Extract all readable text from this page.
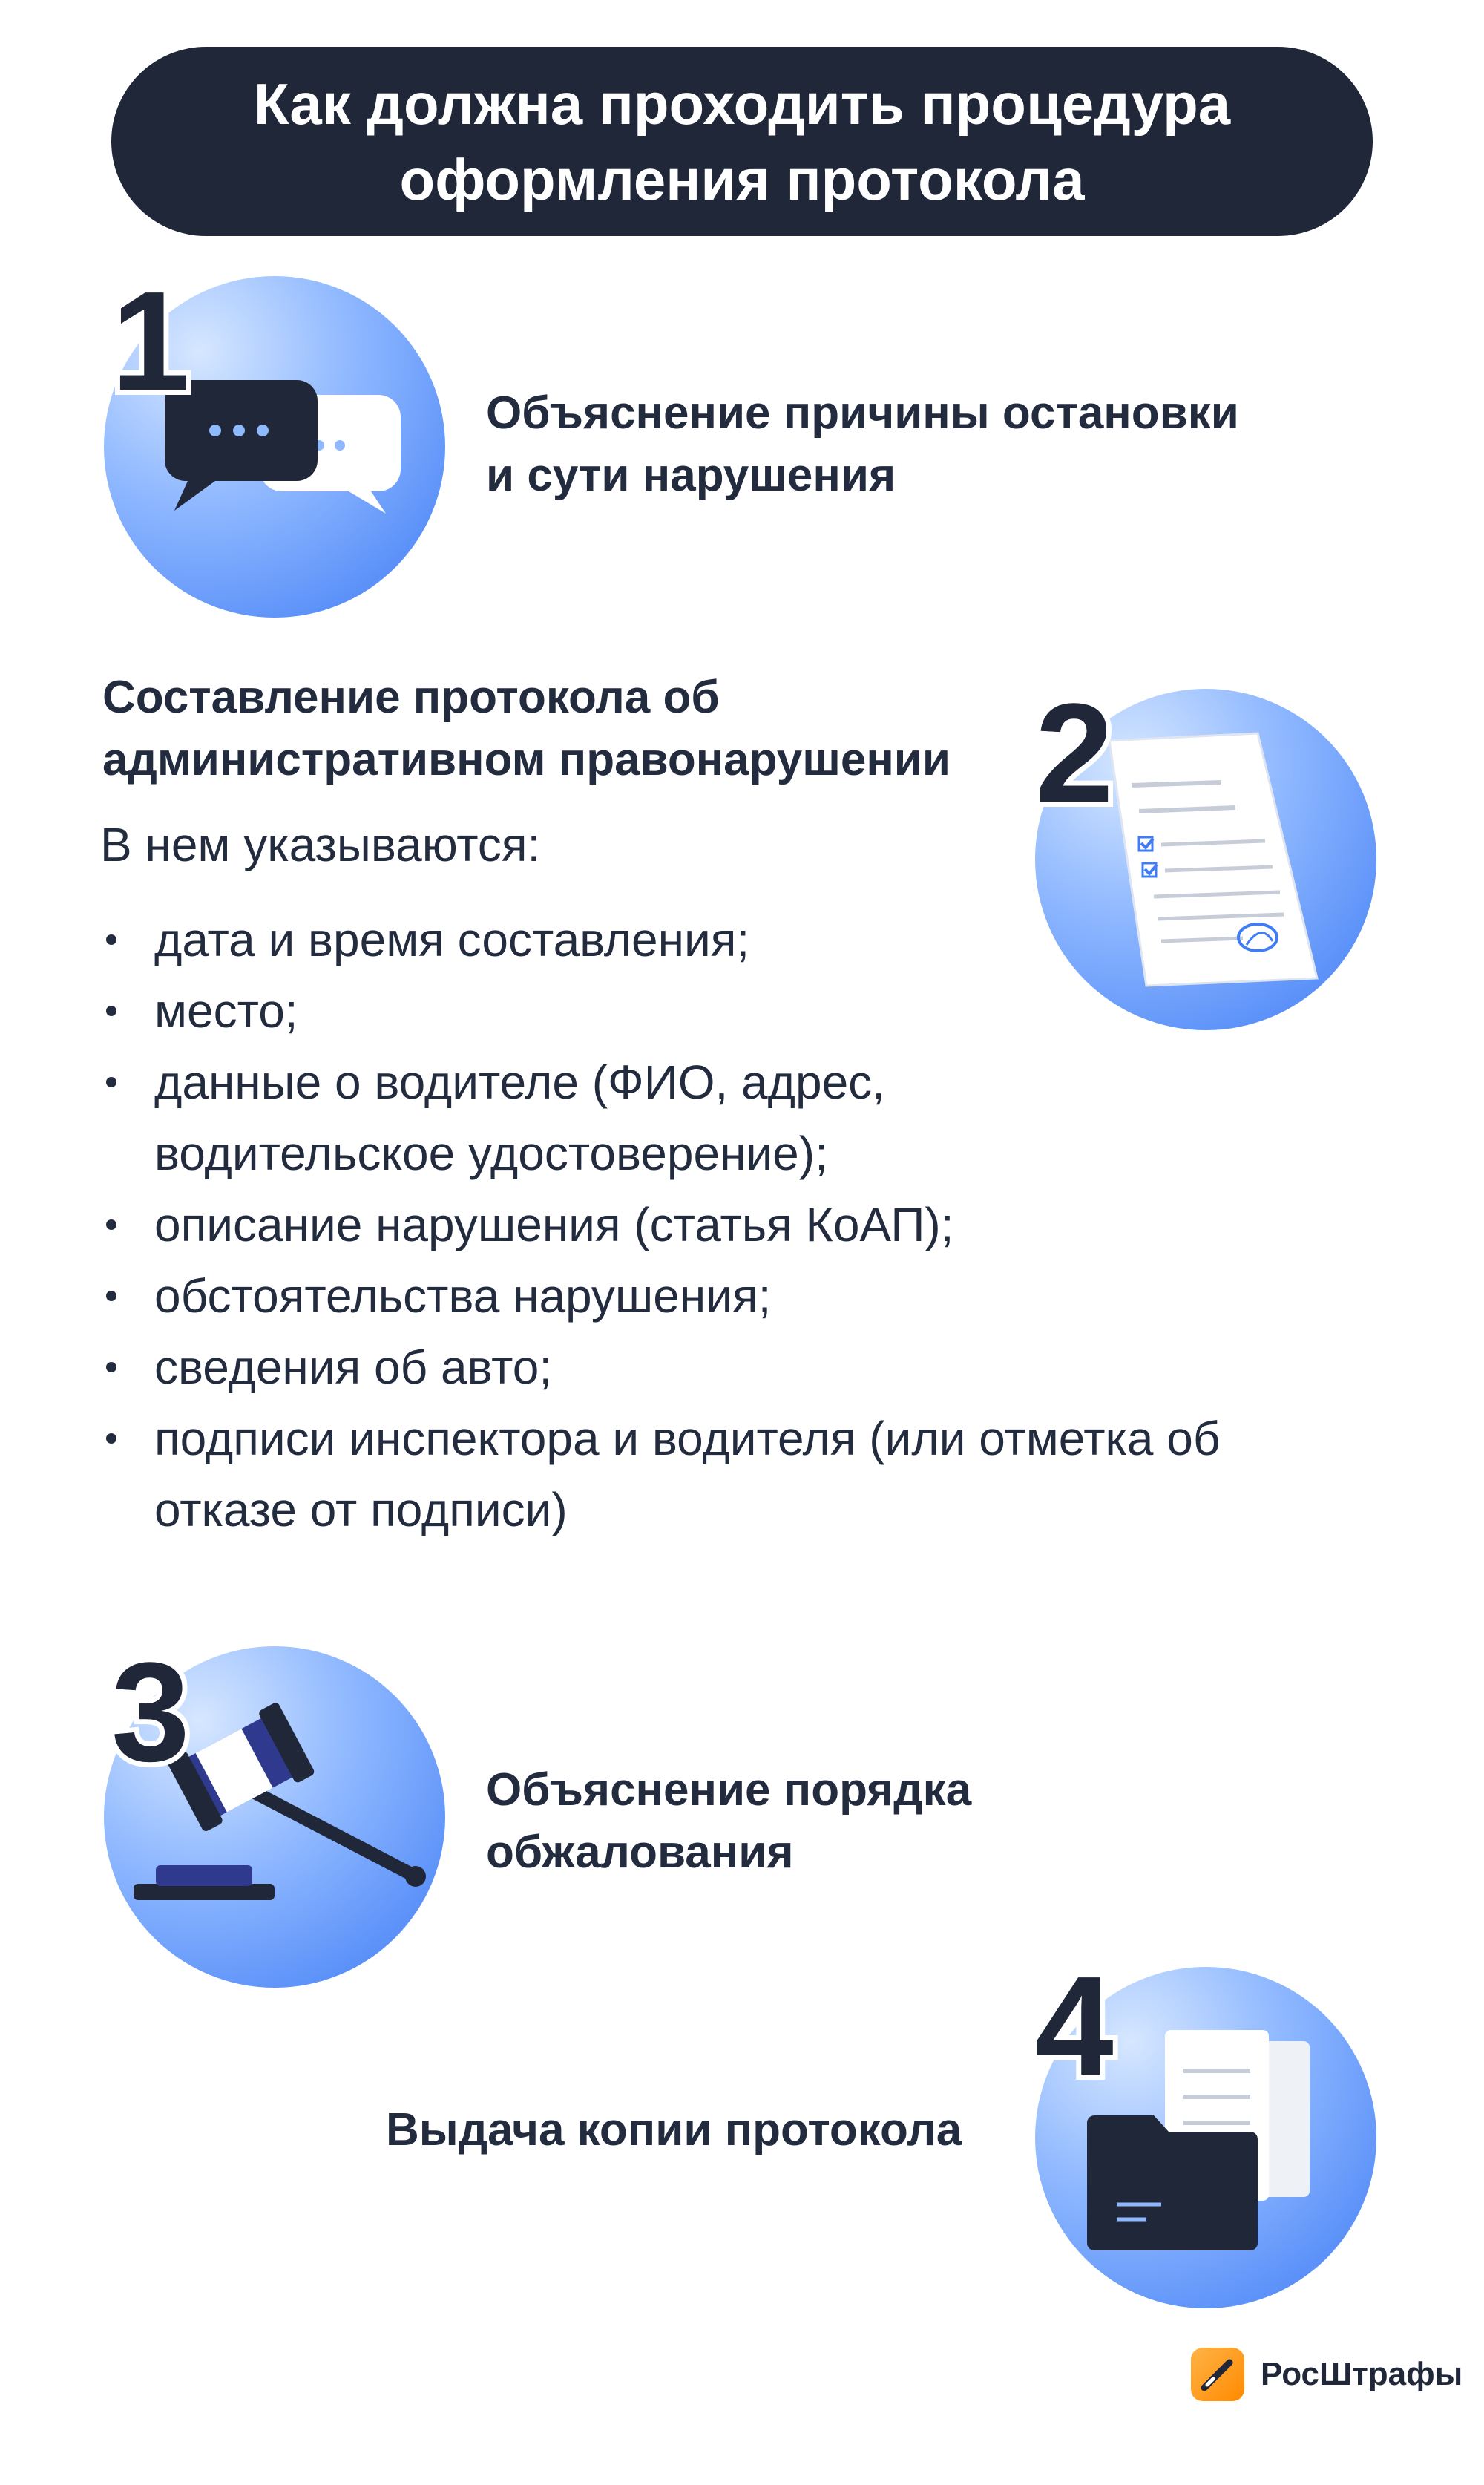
Как должна проходить процедура оформления протокола

1	Объяснение причины остановки
и сути нарушения

2

Составление протокола об
административном правонарушении

В нем указываются:

дата и время составления;
место;
данные о водителе (ФИО, адрес, водительское удостоверение);
описание нарушения (статья КоАП);
обстоятельства нарушения;
сведения об авто;
подписи инспектора и водителя (или отметка об отказе от подписи)

3	Объяснение порядка
обжалования

4

Выдача копии протокола

РосШтрафы
